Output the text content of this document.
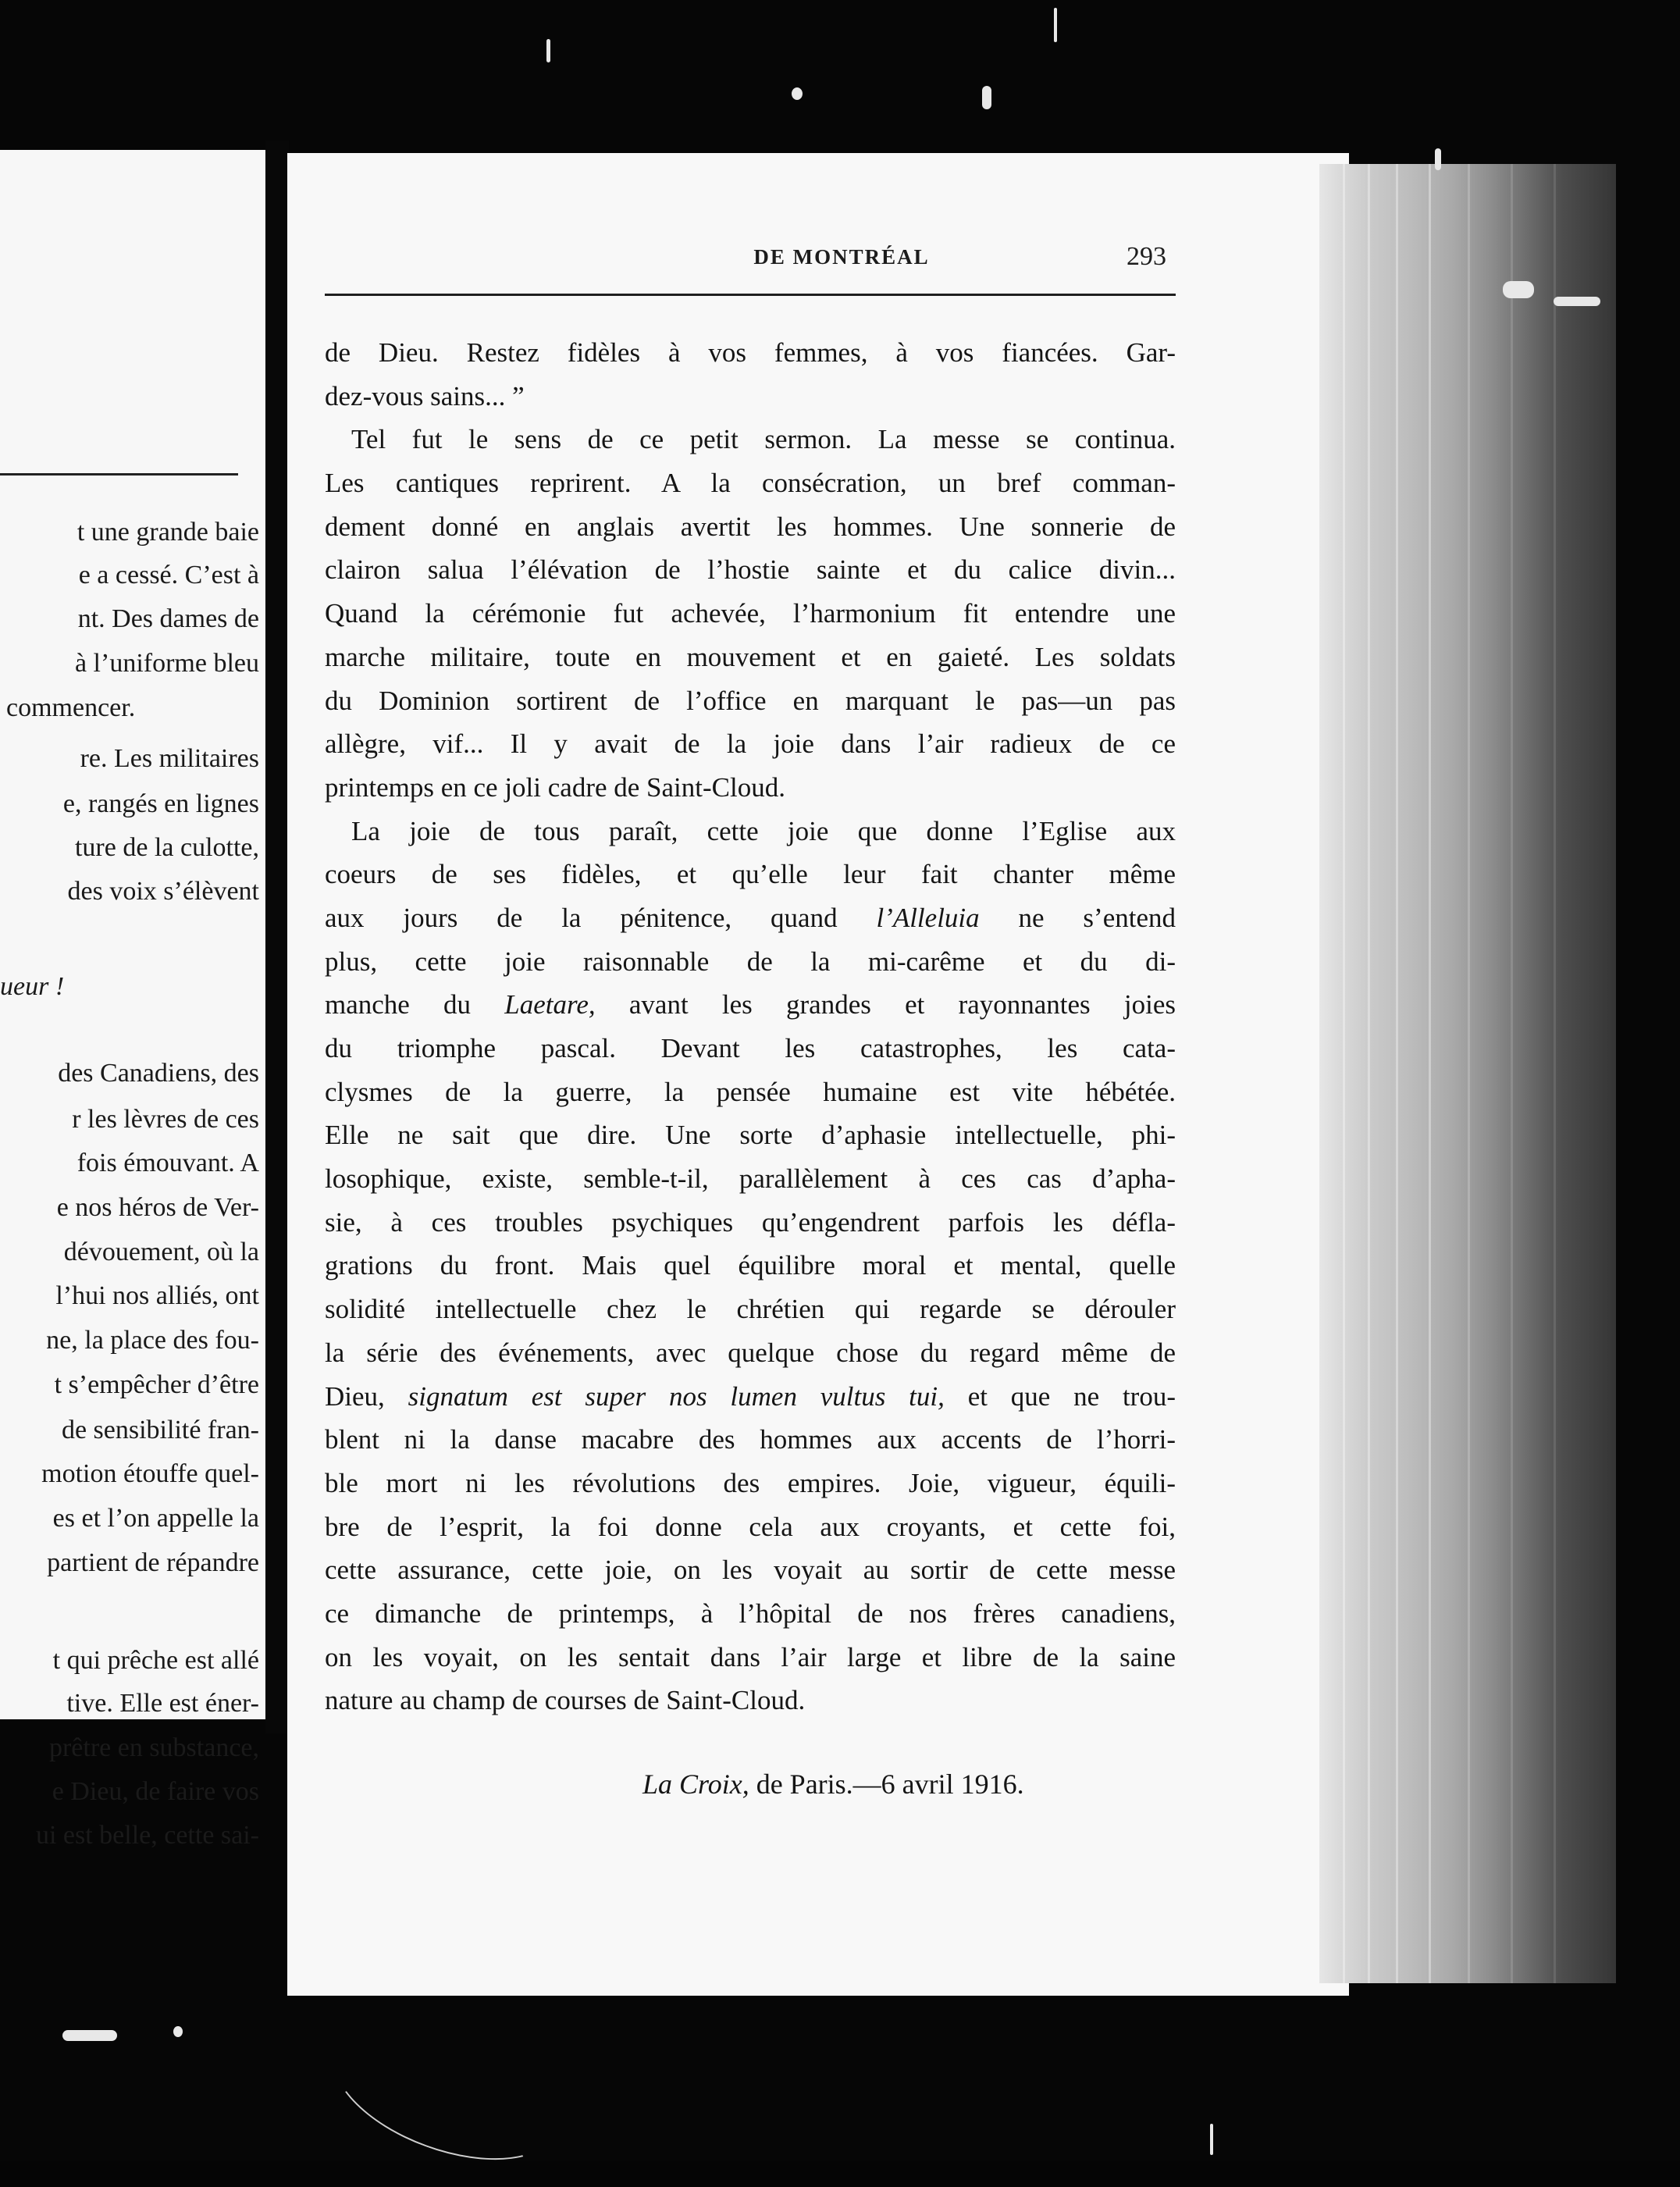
t une grande baie
e a cessé. C’est à
nt. Des dames de
à l’uniforme bleu
commencer.
re. Les militaires
e, rangés en lignes
ture de la culotte,
des voix s’élèvent
ueur !
des Canadiens, des
r les lèvres de ces
fois émouvant. A
e nos héros de Ver-
dévouement, où la
l’hui nos alliés, ont
ne, la place des fou-
t s’empêcher d’être
de sensibilité fran-
motion étouffe quel-
es et l’on appelle la
partient de répandre
t qui prêche est allé
tive. Elle est éner-
prêtre en substance,
e Dieu, de faire vos
ui est belle, cette sai-
DE MONTRÉAL	293
de Dieu. Restez fidèles à vos femmes, à vos fiancées. Gar-
dez-vous sains... ”
Tel fut le sens de ce petit sermon. La messe se continua.
Les cantiques reprirent. A la consécration, un bref comman-
dement donné en anglais avertit les hommes. Une sonnerie de
clairon salua l’élévation de l’hostie sainte et du calice divin...
Quand la cérémonie fut achevée, l’harmonium fit entendre une
marche militaire, toute en mouvement et en gaieté. Les soldats
du Dominion sortirent de l’office en marquant le pas—un pas
allègre, vif... Il y avait de la joie dans l’air radieux de ce
printemps en ce joli cadre de Saint-Cloud.
La joie de tous paraît, cette joie que donne l’Eglise aux
coeurs de ses fidèles, et qu’elle leur fait chanter même
aux jours de la pénitence, quand l’Alleluia ne s’entend
plus, cette joie raisonnable de la mi-carême et du di-
manche du Laetare, avant les grandes et rayonnantes joies
du triomphe pascal. Devant les catastrophes, les cata-
clysmes de la guerre, la pensée humaine est vite hébétée.
Elle ne sait que dire. Une sorte d’aphasie intellectuelle, phi-
losophique, existe, semble-t-il, parallèlement à ces cas d’apha-
sie, à ces troubles psychiques qu’engendrent parfois les défla-
grations du front. Mais quel équilibre moral et mental, quelle
solidité intellectuelle chez le chrétien qui regarde se dérouler
la série des événements, avec quelque chose du regard même de
Dieu, signatum est super nos lumen vultus tui, et que ne trou-
blent ni la danse macabre des hommes aux accents de l’horri-
ble mort ni les révolutions des empires. Joie, vigueur, équili-
bre de l’esprit, la foi donne cela aux croyants, et cette foi,
cette assurance, cette joie, on les voyait au sortir de cette messe
ce dimanche de printemps, à l’hôpital de nos frères canadiens,
on les voyait, on les sentait dans l’air large et libre de la saine
nature au champ de courses de Saint-Cloud.
La Croix, de Paris.—6 avril 1916.
